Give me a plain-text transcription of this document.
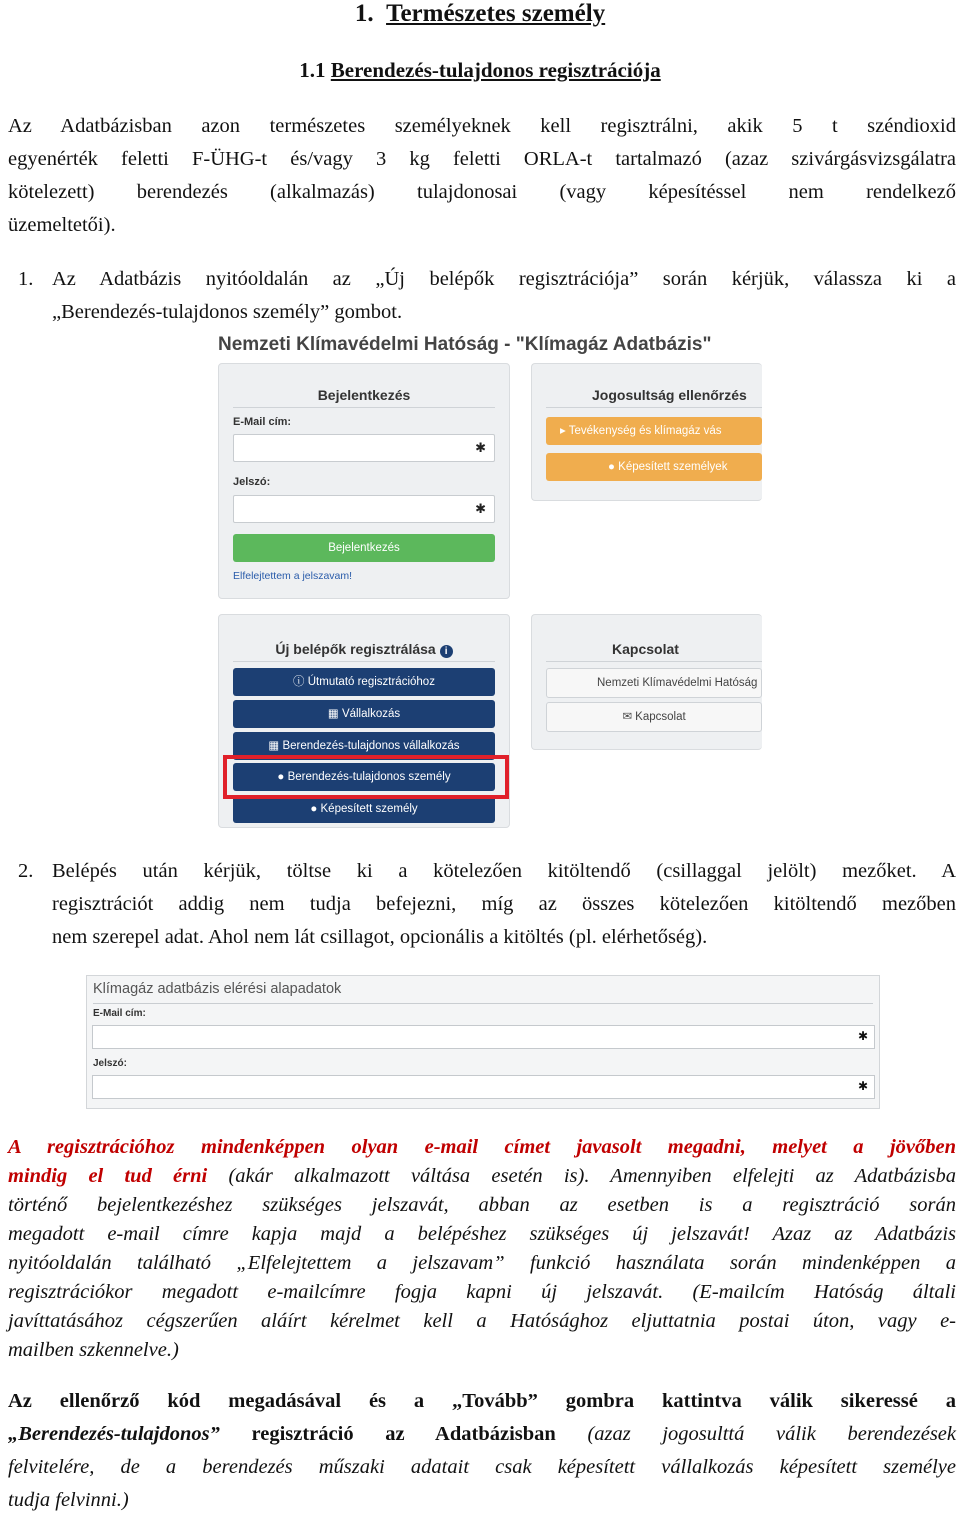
1. Természetes személy
1.1 Berendezés-tulajdonos regisztrációja
Az Adatbázisban azon természetes személyeknek kell regisztrálni, akik 5 t széndioxid
egyenérték feletti F-ÜHG-t és/vagy 3 kg feletti ORLA-t tartalmazó (azaz szivárgásvizsgálatra
kötelezett) berendezés (alkalmazás) tulajdonosai (vagy képesítéssel nem rendelkező
üzemeltetői).
1. Az Adatbázis nyitóoldalán az „Új belépők regisztrációja” során kérjük, válassza ki a
„Berendezés-tulajdonos személy” gombot.
Nemzeti Klímavédelmi Hatóság - "Klímagáz Adatbázis"
Bejelentkezés
E-Mail cím:
✱
Jelszó:
✱
Bejelentkezés
Elfelejtettem a jelszavam!
Jogosultság ellenőrzés
▸ Tevékenység és klímagáz vás
● Képesített személyek
Új belépők regisztrálása i
ⓘ Útmutató regisztrációhoz
▦ Vállalkozás
▦ Berendezés-tulajdonos vállalkozás
● Berendezés-tulajdonos személy
● Képesített személy
Kapcsolat
Nemzeti Klímavédelmi Hatóság
✉ Kapcsolat
2. Belépés után kérjük, töltse ki a kötelezően kitöltendő (csillaggal jelölt) mezőket. A
regisztrációt addig nem tudja befejezni, míg az összes kötelezően kitöltendő mezőben
nem szerepel adat. Ahol nem lát csillagot, opcionális a kitöltés (pl. elérhetőség).
Klímagáz adatbázis elérési alapadatok
E-Mail cím:
✱
Jelszó:
✱
A regisztrációhoz mindenképpen olyan e-mail címet javasolt megadni, melyet a jövőben
mindig el tud érni (akár alkalmazott váltása esetén is). Amennyiben elfelejti az Adatbázisba
történő bejelentkezéshez szükséges jelszavát, abban az esetben is a regisztráció során
megadott e-mail címre kapja majd a belépéshez szükséges új jelszavát! Azaz az Adatbázis
nyitóoldalán található „Elfelejtettem a jelszavam” funkció használata során mindenképpen a
regisztrációkor megadott e-mailcímre fogja kapni új jelszavát. (E-mailcím Hatóság általi
javíttatásához cégszerűen aláírt kérelmet kell a Hatósághoz eljuttatnia postai úton, vagy e-
mailben szkennelve.)
Az ellenőrző kód megadásával és a „Tovább” gombra kattintva válik sikeressé a
„Berendezés-tulajdonos” regisztráció az Adatbázisban (azaz jogosulttá válik berendezések
felvitelére, de a berendezés műszaki adatait csak képesített vállalkozás képesített személye
tudja felvinni.)
